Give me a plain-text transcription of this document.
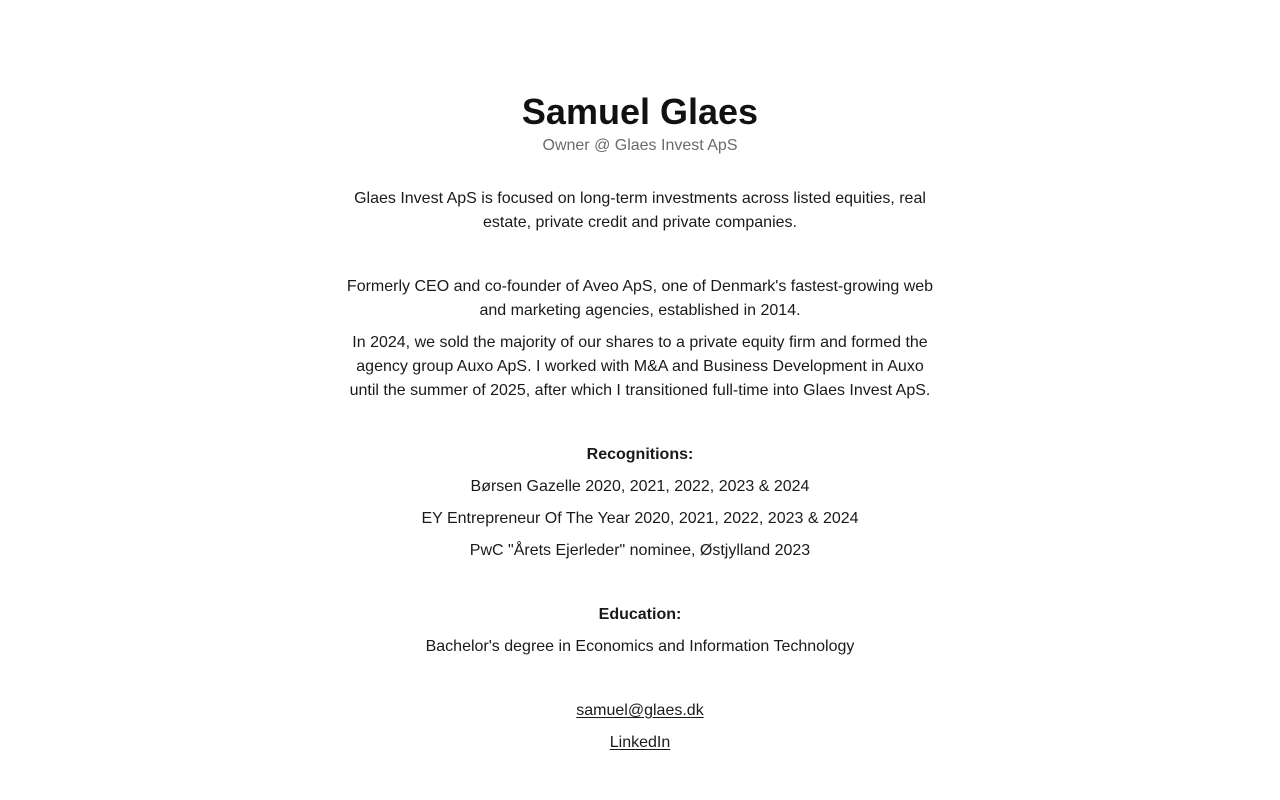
Samuel Glaes

Owner @ Glaes Invest ApS

Glaes Invest ApS is focused on long-term investments across listed equities, real estate, private credit and private companies.

Formerly CEO and co-founder of Aveo ApS, one of Denmark's fastest-growing web and marketing agencies, established in 2014.

In 2024, we sold the majority of our shares to a private equity firm and formed the agency group Auxo ApS. I worked with M&A and Business Development in Auxo until the summer of 2025, after which I transitioned full-time into Glaes Invest ApS.

Recognitions:

Børsen Gazelle 2020, 2021, 2022, 2023 & 2024

EY Entrepreneur Of The Year 2020, 2021, 2022, 2023 & 2024

PwC "Årets Ejerleder" nominee, Østjylland 2023

Education:

Bachelor's degree in Economics and Information Technology

samuel@glaes.dk

LinkedIn
